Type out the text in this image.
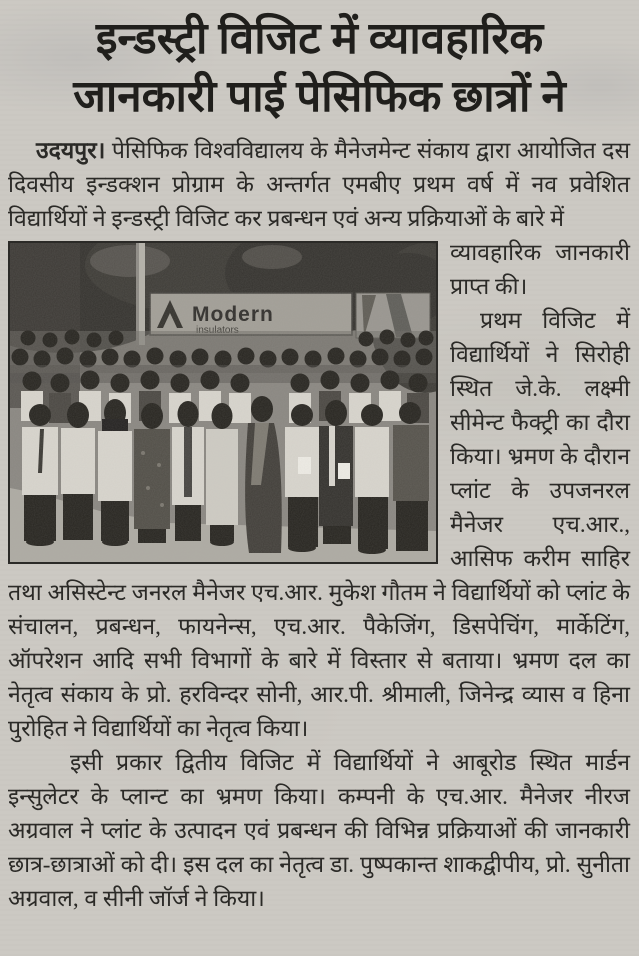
इन्डस्ट्री विजिट में व्यावहारिक
जानकारी पाई पेसिफिक छात्रों ने

उदयपुर। पेसिफिक विश्वविद्यालय के मैनेजमेन्ट संकाय द्वारा आयोजित दस दिवसीय इन्डक्शन प्रोग्राम के अन्तर्गत एमबीए प्रथम वर्ष में नव प्रवेशित विद्यार्थियों ने इन्डस्ट्री विजिट कर प्रबन्धन एवं अन्य प्रक्रियाओं के बारे में

व्यावहारिक जानकारी प्राप्त की।

प्रथम विजिट में विद्यार्थियों ने सिरोही स्थित जे.के. लक्ष्मी सीमेन्ट फैक्ट्री का दौरा किया। भ्रमण के दौरान प्लांट के उपजनरल मैनेजर एच.आर., आसिफ करीम साहिर तथा असिस्टेन्ट जनरल मैनेजर एच.आर. मुकेश गौतम ने विद्यार्थियों को प्लांट के संचालन, प्रबन्धन, फायनेन्स, एच.आर. पैकेजिंग, डिसपेचिंग, मार्केटिंग, ऑपरेशन आदि सभी विभागों के बारे में विस्तार से बताया। भ्रमण दल का नेतृत्व संकाय के प्रो. हरविन्दर सोनी, आर.पी. श्रीमाली, जिनेन्द्र व्यास व हिना पुरोहित ने विद्यार्थियों का नेतृत्व किया।

इसी प्रकार द्वितीय विजिट में विद्यार्थियों ने आबूरोड स्थित मार्डन इन्सुलेटर के प्लान्ट का भ्रमण किया। कम्पनी के एच.आर. मैनेजर नीरज अग्रवाल ने प्लांट के उत्पादन एवं प्रबन्धन की विभिन्न प्रक्रियाओं की जानकारी छात्र-छात्राओं को दी। इस दल का नेतृत्व डा. पुष्पकान्त शाकद्वीपीय, प्रो. सुनीता अग्रवाल, व सीनी जॉर्ज ने किया।
